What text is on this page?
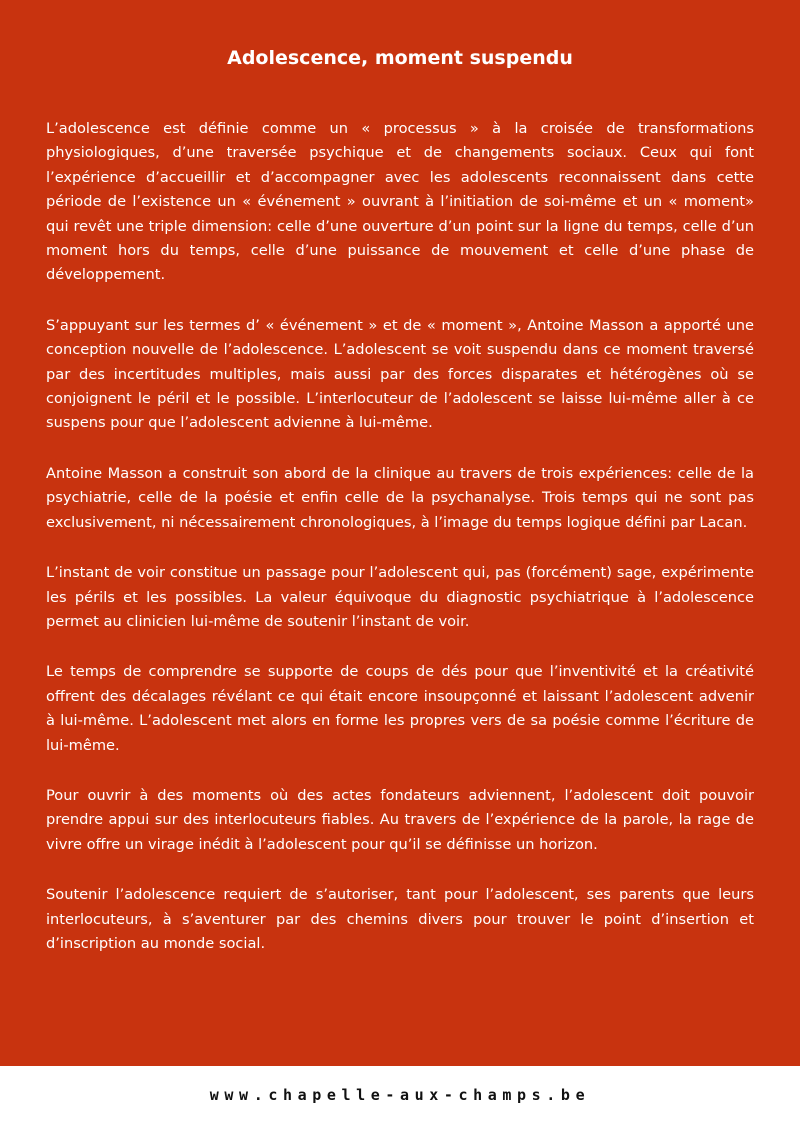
Adolescence, moment suspendu

L’adolescence est définie comme un « processus » à la croisée de transformations physiologiques, d’une traversée psychique et de changements sociaux. Ceux qui font l’expérience d’accueillir et d’accompagner avec les adolescents reconnaissent dans cette période de l’existence un « événement » ouvrant à l’initiation de soi-même et un « moment» qui revêt une triple dimension: celle d’une ouverture d’un point sur la ligne du temps, celle d’un moment hors du temps, celle d’une puissance de mouvement et celle d’une phase de développement.

S’appuyant sur les termes d’ « événement » et de « moment », Antoine Masson a apporté une conception nouvelle de l’adolescence. L’adolescent se voit suspendu dans ce moment traversé par des incertitudes multiples, mais aussi par des forces disparates et hétérogènes où se conjoignent le péril et le possible. L’interlocuteur de l’adolescent se laisse lui-même aller à ce suspens pour que l’adolescent advienne à lui-même.

Antoine Masson a construit son abord de la clinique au travers de trois expériences: celle de la psychiatrie, celle de la poésie et enfin celle de la psychanalyse. Trois temps qui ne sont pas exclusivement, ni nécessairement chronologiques, à l’image du temps logique défini par Lacan.

L’instant de voir constitue un passage pour l’adolescent qui, pas (forcément) sage, expérimente les périls et les possibles. La valeur équivoque du diagnostic psychiatrique à l’adolescence permet au clinicien lui-même de soutenir l’instant de voir.

Le temps de comprendre se supporte de coups de dés pour que l’inventivité et la créativité offrent des décalages révélant ce qui était encore insoupçonné et laissant l’adolescent advenir à lui-même. L’adolescent met alors en forme les propres vers de sa poésie comme l’écriture de lui-même.

Pour ouvrir à des moments où des actes fondateurs adviennent, l’adolescent doit pouvoir prendre appui sur des interlocuteurs fiables. Au travers de l’expérience de la parole, la rage de vivre offre un virage inédit à l’adolescent pour qu’il se définisse un horizon.

Soutenir l’adolescence requiert de s’autoriser, tant pour l’adolescent, ses parents que leurs interlocuteurs, à s’aventurer par des chemins divers pour trouver le point d’insertion et d’inscription au monde social.

www.chapelle-aux-champs.be
